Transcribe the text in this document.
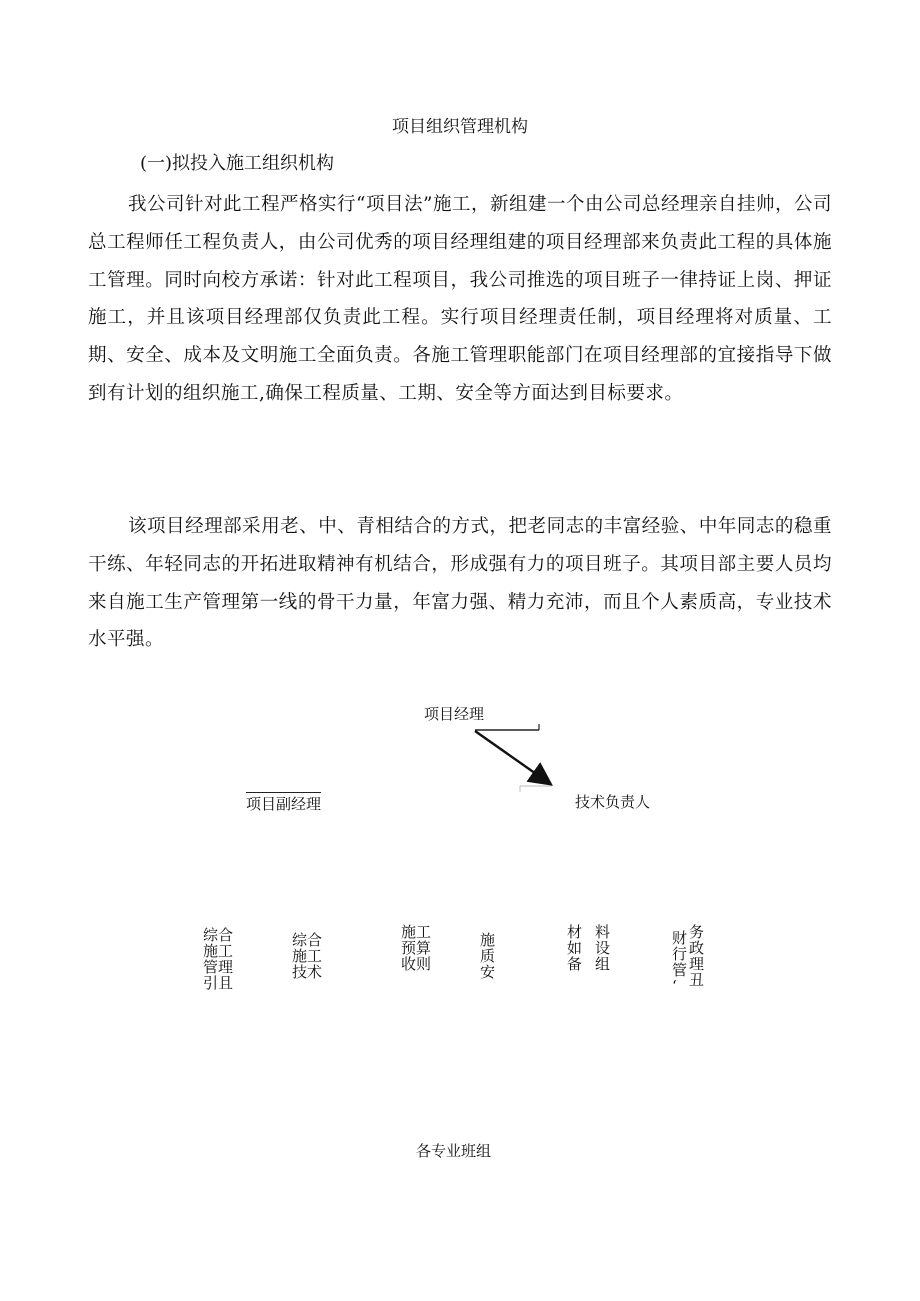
项目组织管理机构
(一)拟投入施工组织机构

我公司针对此工程严格实行“项目法”施工，新组建一个由公司总经理亲自挂帅，公司总工程师任工程负责人，由公司优秀的项目经理组建的项目经理部来负责此工程的具体施工管理。同时向校方承诺：针对此工程项目，我公司推选的项目班子一律持证上岗、押证施工，并且该项目经理部仅负责此工程。实行项目经理责任制，项目经理将对质量、工期、安全、成本及文明施工全面负责。各施工管理职能部门在项目经理部的宜接指导下做到有计划的组织施工,确保工程质量、工期、安全等方面达到目标要求。

该项目经理部采用老、中、青相结合的方式，把老同志的丰富经验、中年同志的稳重干练、年轻同志的开拓进取精神有机结合，形成强有力的项目班子。其项目部主要人员均来自施工生产管理第一线的骨干力量，年富力强、精力充沛，而且个人素质高，专业技术水平强。

项目经理
项目副经理	技术负责人
综合
施工
管理
引且
综合
施工
技术
施工
预算
收则
施
质
安
材
如
备
料
设
组
财
行
管
‘
务
政
理
丑
各专业班组
